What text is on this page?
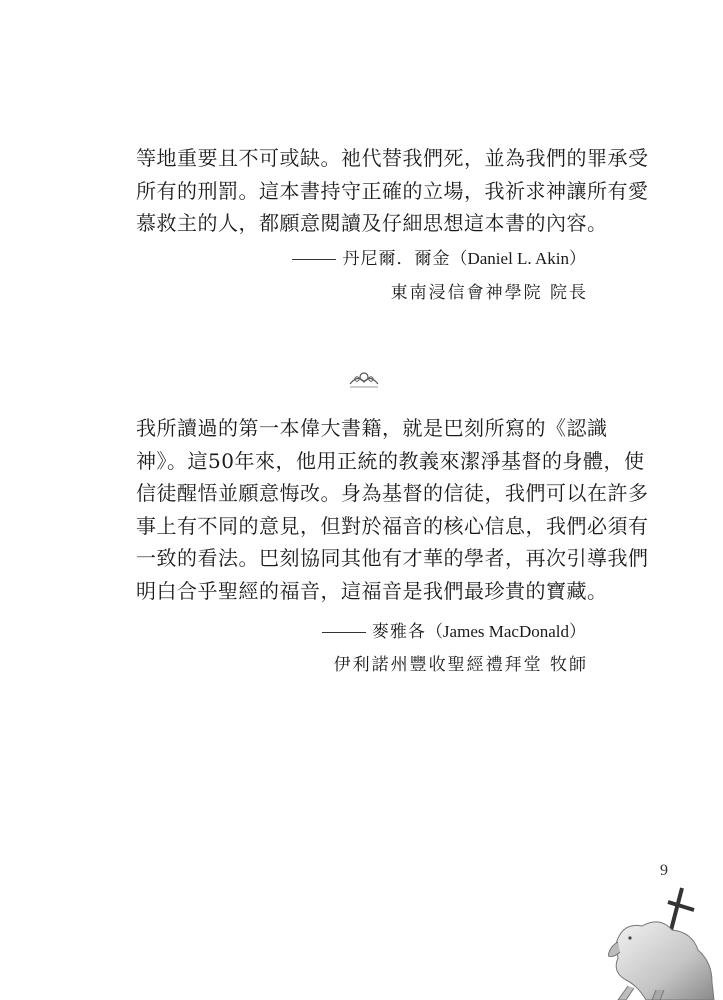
等地重要且不可或缺。祂代替我們死，並為我們的罪承受
所有的刑罰。這本書持守正確的立場，我祈求神讓所有愛
慕救主的人，都願意閱讀及仔細思想這本書的內容。
丹尼爾．爾金（Daniel L. Akin）
東南浸信會神學院 院長
我所讀過的第一本偉大書籍，就是巴刻所寫的《認識
神》。這50年來，他用正統的教義來潔淨基督的身體，使
信徒醒悟並願意悔改。身為基督的信徒，我們可以在許多
事上有不同的意見，但對於福音的核心信息，我們必須有
一致的看法。巴刻協同其他有才華的學者，再次引導我們
明白合乎聖經的福音，這福音是我們最珍貴的寶藏。
麥雅各（James MacDonald）
伊利諾州豐收聖經禮拜堂 牧師
9
